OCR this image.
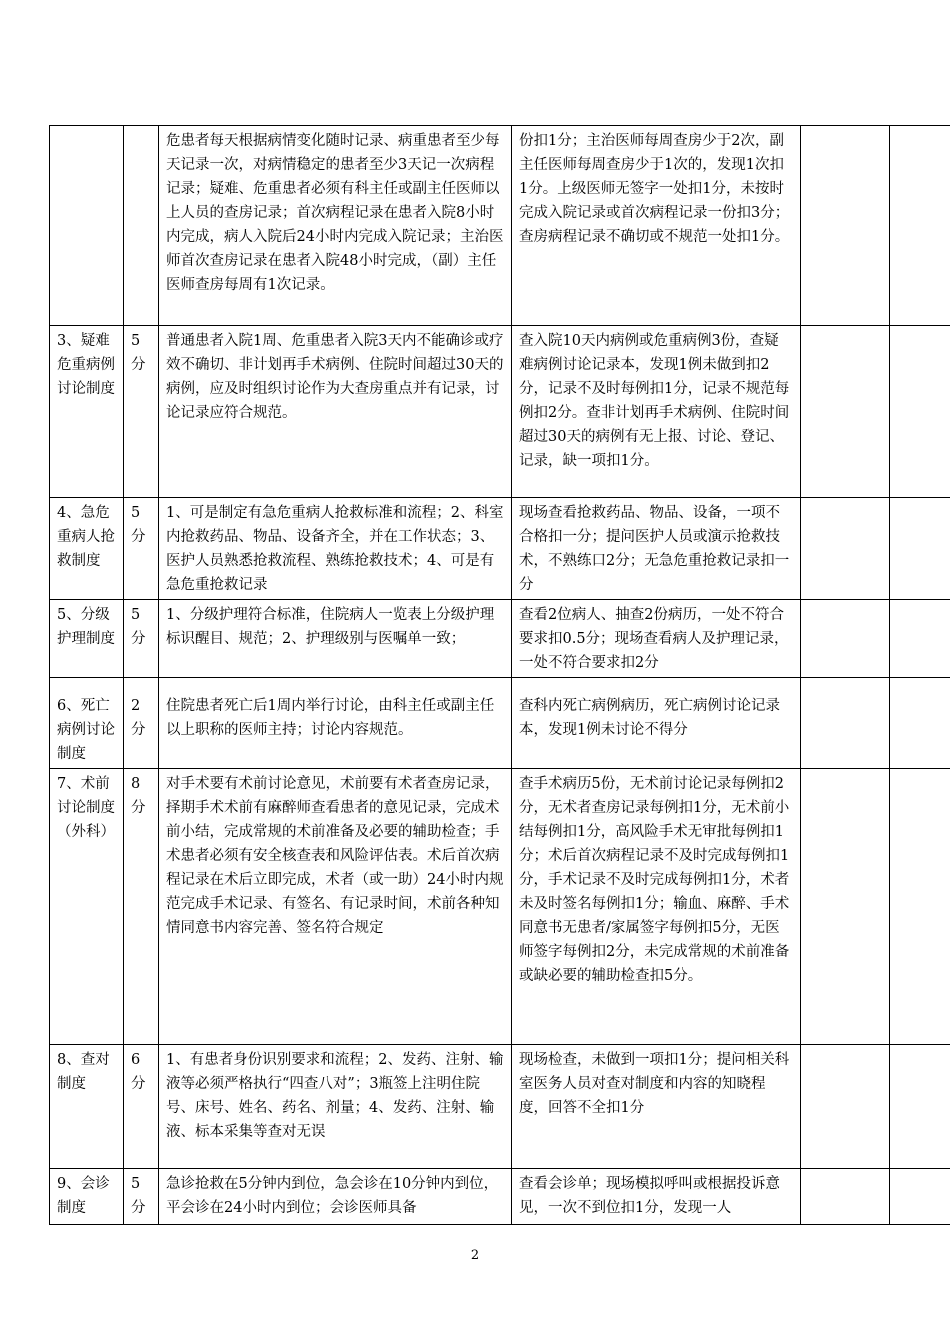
		危患者每天根据病情变化随时记录、病重患者至少每天记录一次，对病情稳定的患者至少3天记一次病程记录；疑难、危重患者必须有科主任或副主任医师以上人员的查房记录；首次病程记录在患者入院8小时内完成，病人入院后24小时内完成入院记录；主治医师首次查房记录在患者入院48小时完成，（副）主任医师查房每周有1次记录。	份扣1分；主治医师每周查房少于2次，副主任医师每周查房少于1次的，发现1次扣1分。上级医师无签字一处扣1分，未按时完成入院记录或首次病程记录一份扣3分；查房病程记录不确切或不规范一处扣1分。		
3、疑难危重病例讨论制度	5分	普通患者入院1周、危重患者入院3天内不能确诊或疗效不确切、非计划再手术病例、住院时间超过30天的病例，应及时组织讨论作为大查房重点并有记录，讨论记录应符合规范。	查入院10天内病例或危重病例3份，查疑难病例讨论记录本，发现1例未做到扣2分，记录不及时每例扣1分，记录不规范每例扣2分。查非计划再手术病例、住院时间超过30天的病例有无上报、讨论、登记、记录，缺一项扣1分。		
4、急危重病人抢救制度	5分	1、可是制定有急危重病人抢救标准和流程；2、科室内抢救药品、物品、设备齐全，并在工作状态；3、医护人员熟悉抢救流程、熟练抢救技术；4、可是有急危重抢救记录	现场查看抢救药品、物品、设备，一项不合格扣一分；提问医护人员或演示抢救技术，不熟练口2分；无急危重抢救记录扣一分		
5、分级护理制度	5分	1、分级护理符合标准，住院病人一览表上分级护理标识醒目、规范；2、护理级别与医嘱单一致；	查看2位病人、抽查2份病历，一处不符合要求扣0.5分；现场查看病人及护理记录，一处不符合要求扣2分		
6、死亡病例讨论制度	2分	住院患者死亡后1周内举行讨论，由科主任或副主任以上职称的医师主持；讨论内容规范。	查科内死亡病例病历，死亡病例讨论记录本，发现1例未讨论不得分		
7、术前讨论制度（外科）	8分	对手术要有术前讨论意见，术前要有术者查房记录，择期手术术前有麻醉师查看患者的意见记录，完成术前小结，完成常规的术前准备及必要的辅助检查；手术患者必须有安全核查表和风险评估表。术后首次病程记录在术后立即完成，术者（或一助）24小时内规范完成手术记录、有签名、有记录时间，术前各种知情同意书内容完善、签名符合规定	查手术病历5份，无术前讨论记录每例扣2分，无术者查房记录每例扣1分，无术前小结每例扣1分，高风险手术无审批每例扣1分；术后首次病程记录不及时完成每例扣1分，手术记录不及时完成每例扣1分，术者未及时签名每例扣1分；输血、麻醉、手术同意书无患者/家属签字每例扣5分，无医师签字每例扣2分，未完成常规的术前准备或缺必要的辅助检查扣5分。		
8、查对制度	6分	1、有患者身份识别要求和流程；2、发药、注射、输液等必须严格执行“四查八对”；3瓶签上注明住院号、床号、姓名、药名、剂量；4、发药、注射、输液、标本采集等查对无误	现场检查，未做到一项扣1分；提问相关科室医务人员对查对制度和内容的知晓程度，回答不全扣1分		
9、会诊制度	5分	急诊抢救在5分钟内到位，急会诊在10分钟内到位，平会诊在24小时内到位；会诊医师具备	查看会诊单；现场模拟呼叫或根据投诉意见，一次不到位扣1分，发现一人		
2
